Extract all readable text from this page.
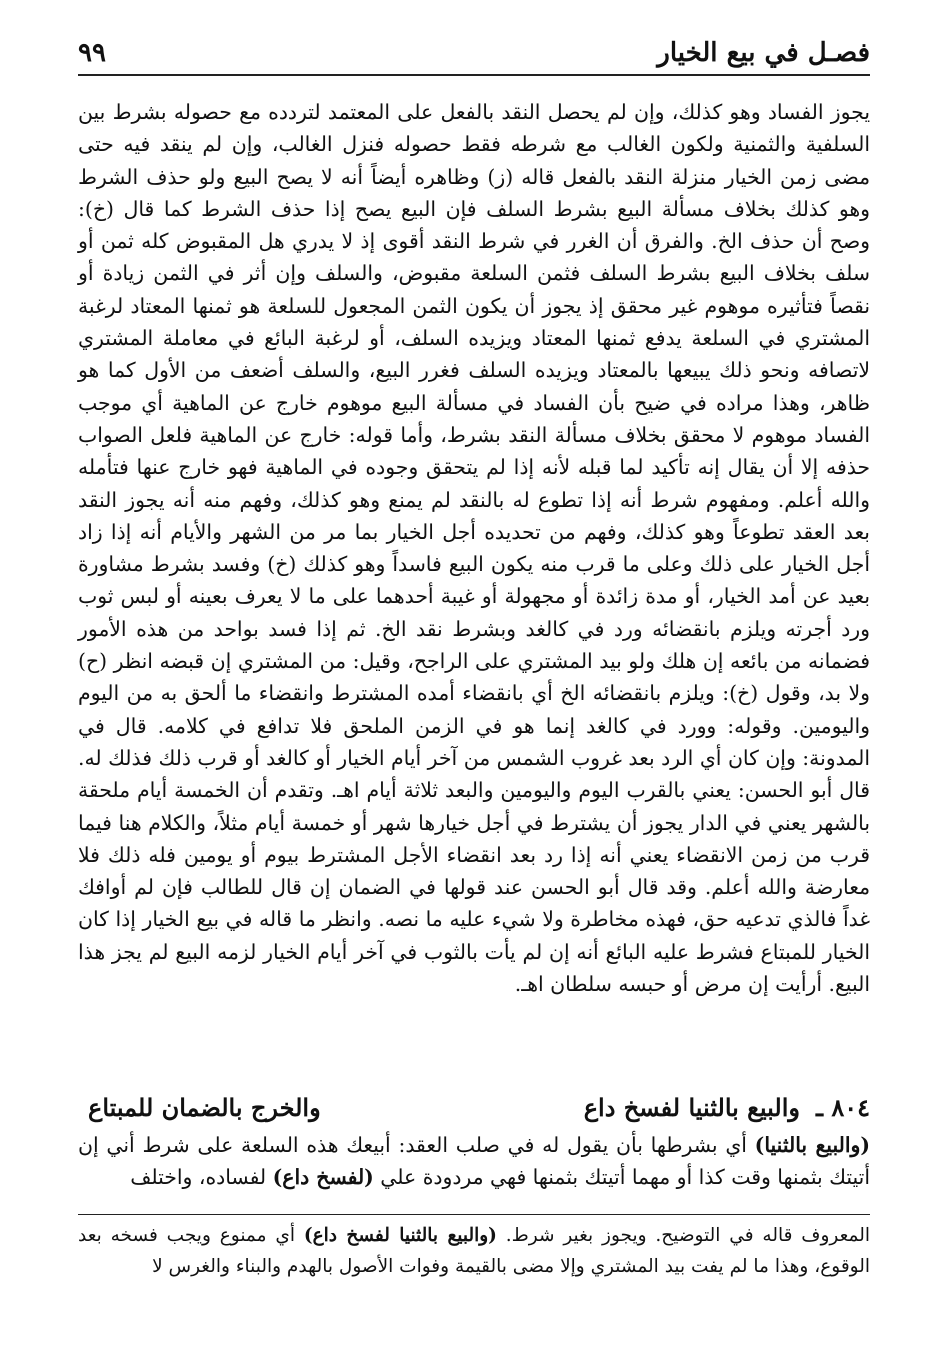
فصـل في بيع الخيار
٩٩

يجوز الفساد وهو كذلك، وإن لم يحصل النقد بالفعل على المعتمد لتردده مع حصوله بشرط بين السلفية والثمنية ولكون الغالب مع شرطه فقط حصوله فنزل الغالب، وإن لم ينقد فيه حتى مضى زمن الخيار منزلة النقد بالفعل قاله (ز) وظاهره أيضاً أنه لا يصح البيع ولو حذف الشرط وهو كذلك بخلاف مسألة البيع بشرط السلف فإن البيع يصح إذا حذف الشرط كما قال (خ): وصح أن حذف الخ. والفرق أن الغرر في شرط النقد أقوى إذ لا يدري هل المقبوض كله ثمن أو سلف بخلاف البيع بشرط السلف فثمن السلعة مقبوض، والسلف وإن أثر في الثمن زيادة أو نقصاً فتأثيره موهوم غير محقق إذ يجوز أن يكون الثمن المجعول للسلعة هو ثمنها المعتاد لرغبة المشتري في السلعة يدفع ثمنها المعتاد ويزيده السلف، أو لرغبة البائع في معاملة المشتري لاتصافه ونحو ذلك يبيعها بالمعتاد ويزيده السلف فغرر البيع، والسلف أضعف من الأول كما هو ظاهر، وهذا مراده في ضيح بأن الفساد في مسألة البيع موهوم خارج عن الماهية أي موجب الفساد موهوم لا محقق بخلاف مسألة النقد بشرط، وأما قوله: خارج عن الماهية فلعل الصواب حذفه إلا أن يقال إنه تأكيد لما قبله لأنه إذا لم يتحقق وجوده في الماهية فهو خارج عنها فتأمله والله أعلم. ومفهوم شرط أنه إذا تطوع له بالنقد لم يمنع وهو كذلك، وفهم منه أنه يجوز النقد بعد العقد تطوعاً وهو كذلك، وفهم من تحديده أجل الخيار بما مر من الشهر والأيام أنه إذا زاد أجل الخيار على ذلك وعلى ما قرب منه يكون البيع فاسداً وهو كذلك (خ) وفسد بشرط مشاورة بعيد عن أمد الخيار، أو مدة زائدة أو مجهولة أو غيبة أحدهما على ما لا يعرف بعينه أو لبس ثوب ورد أجرته ويلزم بانقضائه ورد في كالغد وبشرط نقد الخ. ثم إذا فسد بواحد من هذه الأمور فضمانه من بائعه إن هلك ولو بيد المشتري على الراجح، وقيل: من المشتري إن قبضه انظر (ح) ولا بد، وقول (خ): ويلزم بانقضائه الخ أي بانقضاء أمده المشترط وانقضاء ما ألحق به من اليوم واليومين. وقوله: وورد في كالغد إنما هو في الزمن الملحق فلا تدافع في كلامه. قال في المدونة: وإن كان أي الرد بعد غروب الشمس من آخر أيام الخيار أو كالغد أو قرب ذلك فذلك له. قال أبو الحسن: يعني بالقرب اليوم واليومين والبعد ثلاثة أيام اهـ. وتقدم أن الخمسة أيام ملحقة بالشهر يعني في الدار يجوز أن يشترط في أجل خيارها شهر أو خمسة أيام مثلاً، والكلام هنا فيما قرب من زمن الانقضاء يعني أنه إذا رد بعد انقضاء الأجل المشترط بيوم أو يومين فله ذلك فلا معارضة والله أعلم. وقد قال أبو الحسن عند قولها في الضمان إن قال للطالب فإن لم أوافك غداً فالذي تدعيه حق، فهذه مخاطرة ولا شيء عليه ما نصه. وانظر ما قاله في بيع الخيار إذا كان الخيار للمبتاع فشرط عليه البائع أنه إن لم يأت بالثوب في آخر أيام الخيار لزمه البيع لم يجز هذا البيع. أرأيت إن مرض أو حبسه سلطان اهـ.

٨٠٤ ـ
والبيع بالثنيا لفسخ داع
والخرج بالضمان للمبتاع

(والبيع بالثنيا) أي بشرطها بأن يقول له في صلب العقد: أبيعك هذه السلعة على شرط أني إن أتيتك بثمنها وقت كذا أو مهما أتيتك بثمنها فهي مردودة علي (لفسخ داع) لفساده، واختلف

المعروف قاله في التوضيح. ويجوز بغير شرط. (والبيع بالثنيا لفسخ داع) أي ممنوع ويجب فسخه بعد الوقوع، وهذا ما لم يفت بيد المشتري وإلا مضى بالقيمة وفوات الأصول بالهدم والبناء والغرس لا
